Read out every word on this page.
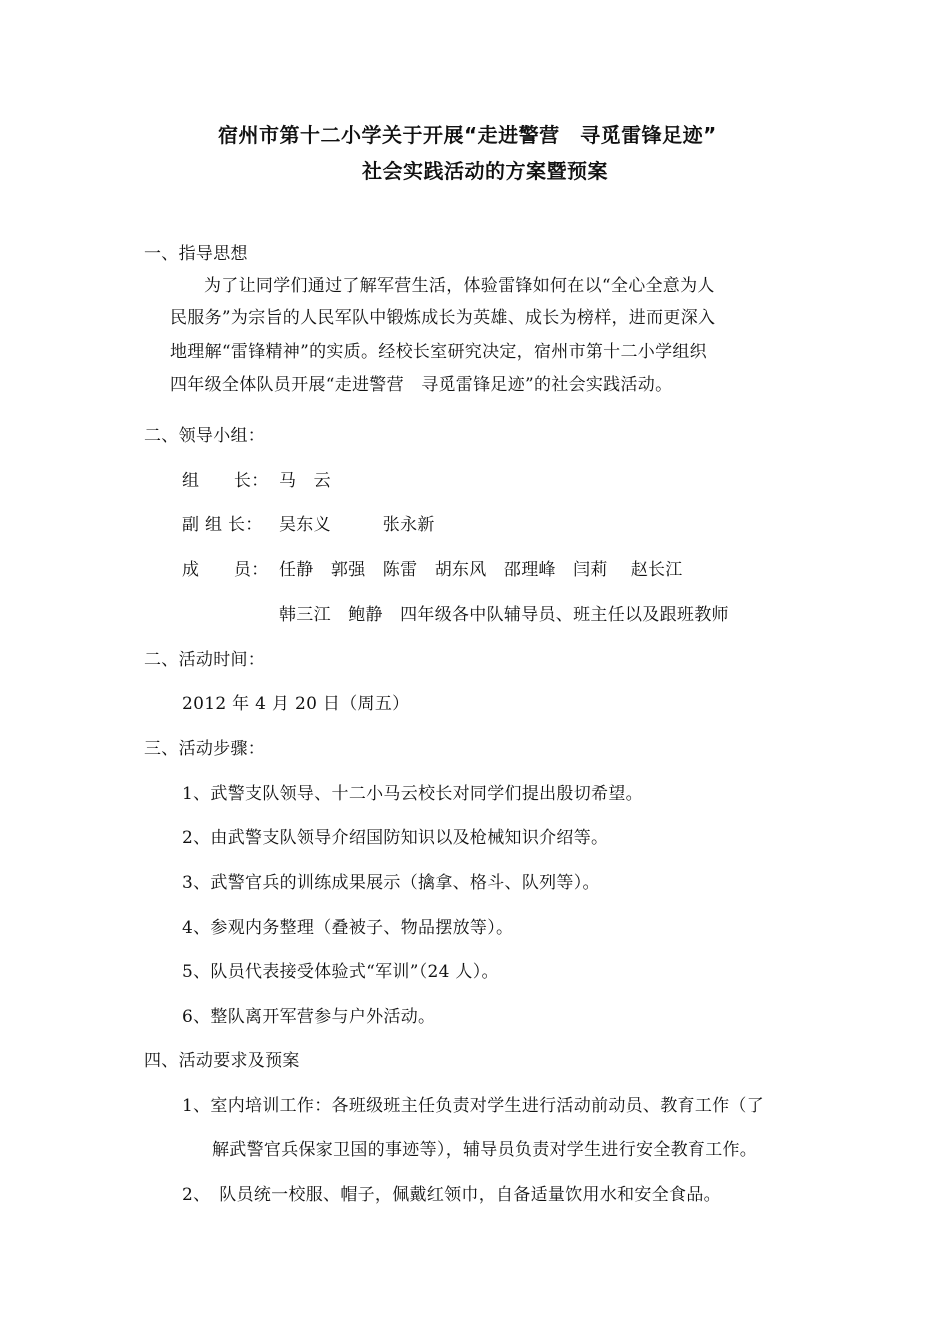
宿州市第十二小学关于开展“走进警营　寻觅雷锋足迹”
社会实践活动的方案暨预案
一、指导思想
为了让同学们通过了解军营生活，体验雷锋如何在以“全心全意为人
民服务”为宗旨的人民军队中锻炼成长为英雄、成长为榜样，进而更深入
地理解“雷锋精神”的实质。经校长室研究决定，宿州市第十二小学组织
四年级全体队员开展“走进警营　寻觅雷锋足迹”的社会实践活动。
二、领导小组：
组　　长： 马　云
副 组 长： 吴东义　　　张永新
成　　员： 任静　郭强　陈雷　胡东风　邵理峰　闫莉　 赵长江
韩三江　鲍静　四年级各中队辅导员、班主任以及跟班教师
二、活动时间：
2012 年 4 月 20 日（周五）
三、活动步骤：
1、武警支队领导、十二小马云校长对同学们提出殷切希望。
2、由武警支队领导介绍国防知识以及枪械知识介绍等。
3、武警官兵的训练成果展示（擒拿、格斗、队列等）。
4、参观内务整理（叠被子、物品摆放等）。
5、队员代表接受体验式“军训”（24 人）。
6、整队离开军营参与户外活动。
四、活动要求及预案
1、室内培训工作：各班级班主任负责对学生进行活动前动员、教育工作（了
解武警官兵保家卫国的事迹等），辅导员负责对学生进行安全教育工作。
2、　队员统一校服、帽子，佩戴红领巾，自备适量饮用水和安全食品。
